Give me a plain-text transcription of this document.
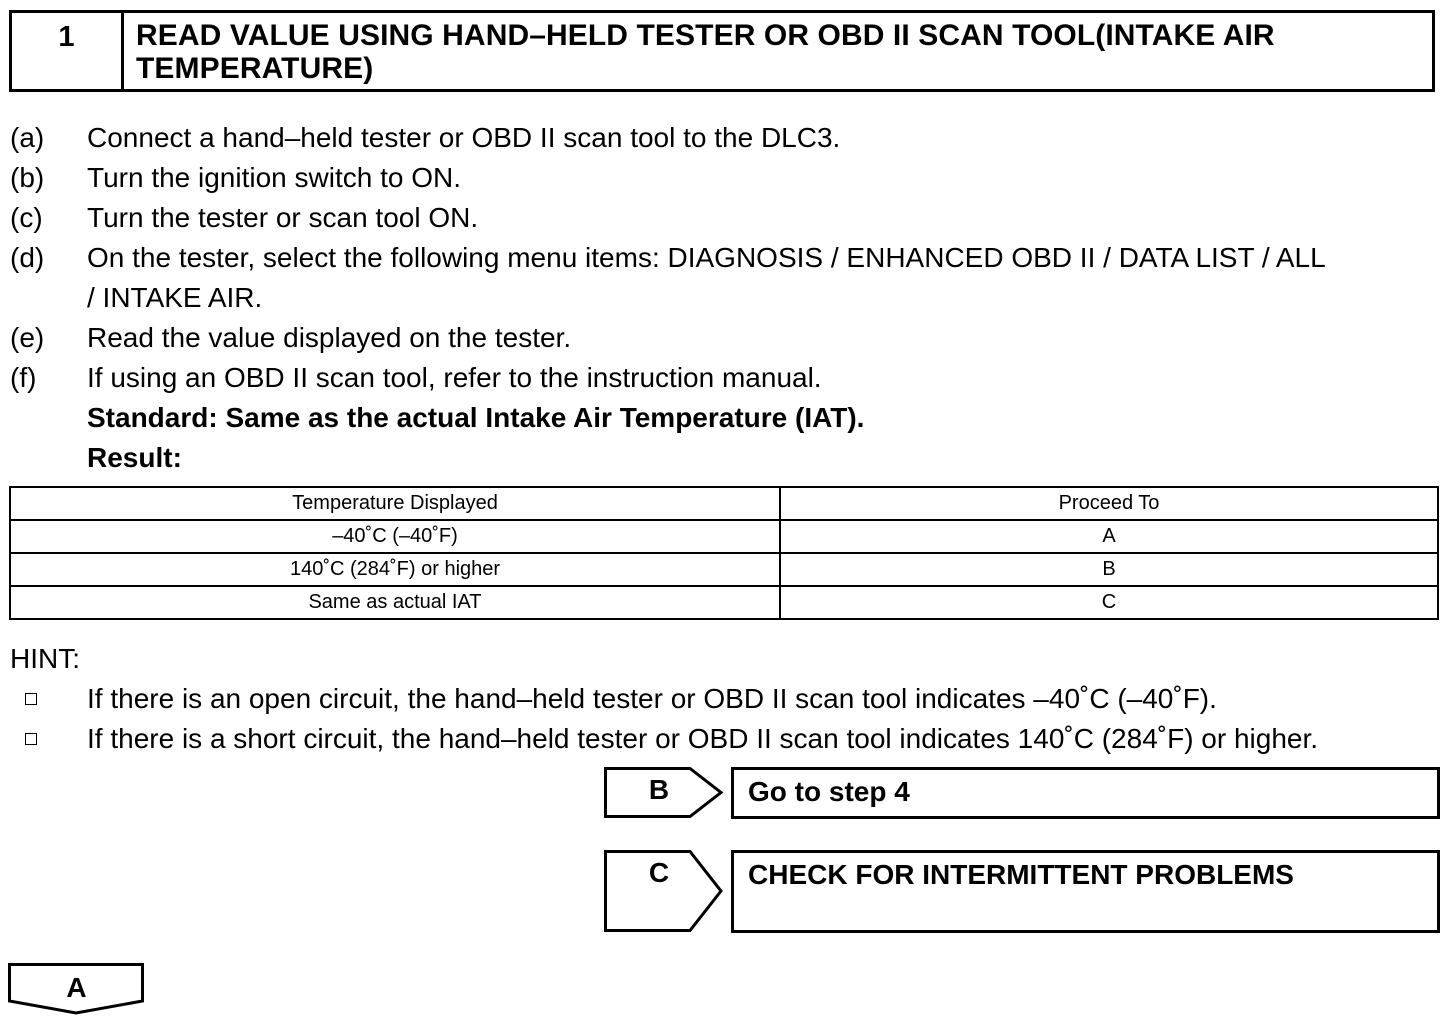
1	READ VALUE USING HAND–HELD TESTER OR OBD II SCAN TOOL(INTAKE AIR TEMPERATURE)
(a) Connect a hand–held tester or OBD II scan tool to the DLC3.
(b) Turn the ignition switch to ON.
(c) Turn the tester or scan tool ON.
(d) On the tester, select the following menu items: DIAGNOSIS / ENHANCED OBD II / DATA LIST / ALL
/ INTAKE AIR.
(e) Read the value displayed on the tester.
(f) If using an OBD II scan tool, refer to the instruction manual.
Standard: Same as the actual Intake Air Temperature (IAT).
Result:
Temperature Displayed	Proceed To
–40˚C (–40˚F)	A
140˚C (284˚F) or higher	B
Same as actual IAT	C
HINT:
If there is an open circuit, the hand–held tester or OBD II scan tool indicates –40˚C (–40˚F).
If there is a short circuit, the hand–held tester or OBD II scan tool indicates 140˚C (284˚F) or higher.
B	Go to step 4
C	CHECK FOR INTERMITTENT PROBLEMS
A
